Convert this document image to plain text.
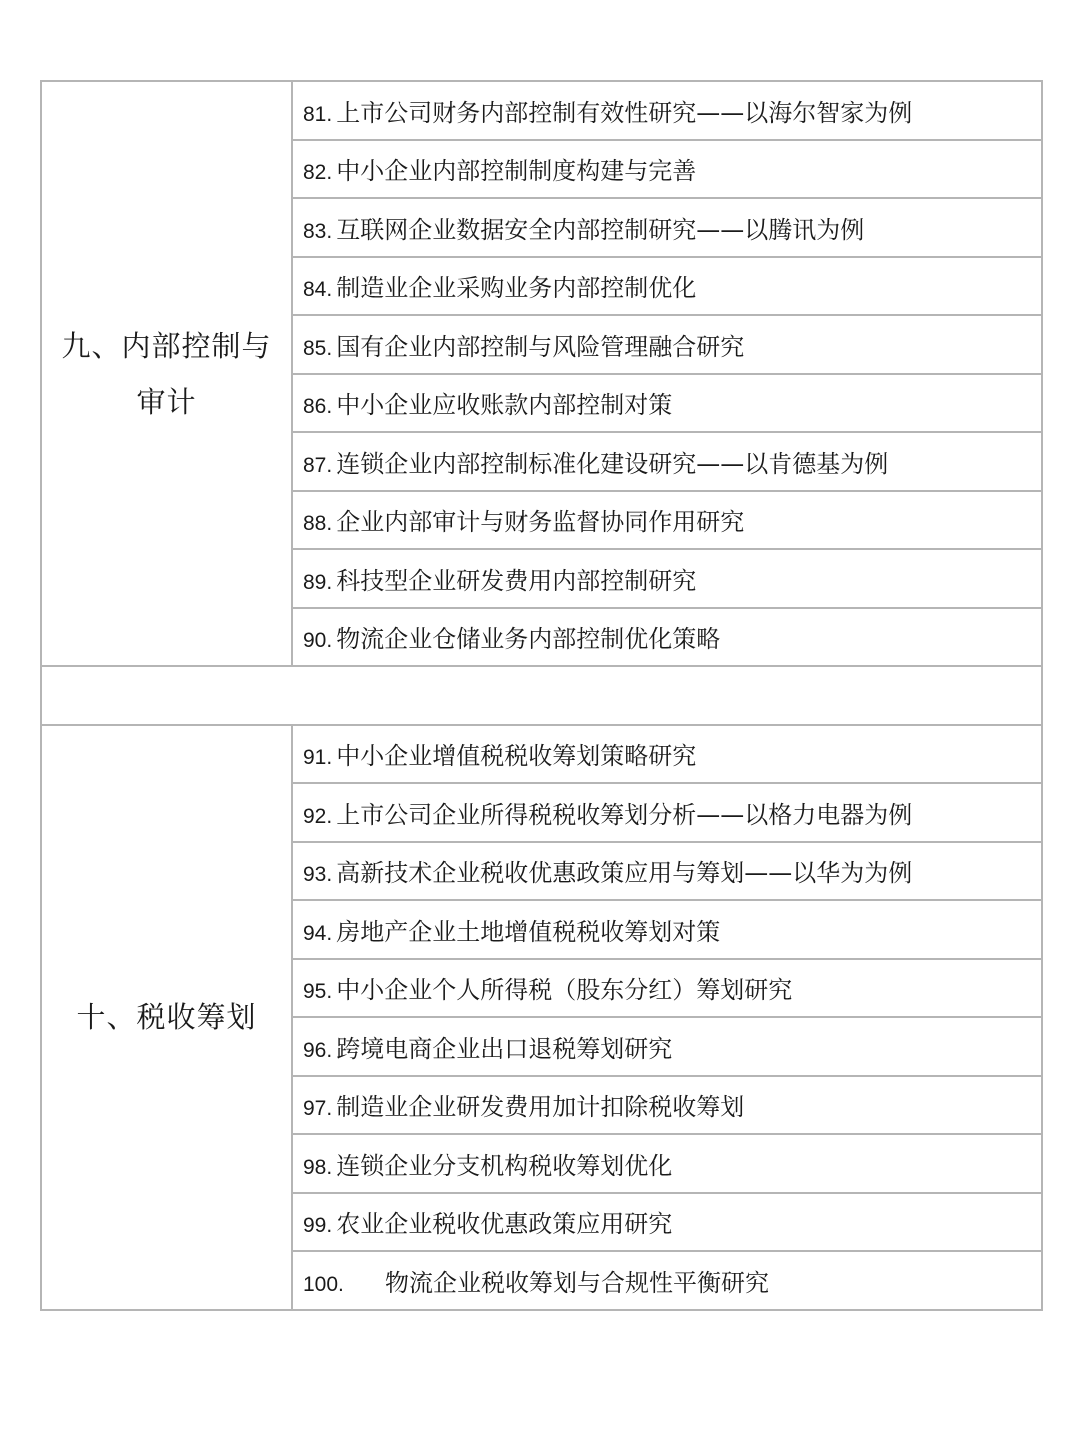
九、内部控制与审计	81. 上市公司财务内部控制有效性研究——以海尔智家为例
	82. 中小企业内部控制制度构建与完善
	83. 互联网企业数据安全内部控制研究——以腾讯为例
	84. 制造业企业采购业务内部控制优化
	85. 国有企业内部控制与风险管理融合研究
	86. 中小企业应收账款内部控制对策
	87. 连锁企业内部控制标准化建设研究——以肯德基为例
	88. 企业内部审计与财务监督协同作用研究
	89. 科技型企业研发费用内部控制研究
	90. 物流企业仓储业务内部控制优化策略

十、税收筹划	91. 中小企业增值税税收筹划策略研究
	92. 上市公司企业所得税税收筹划分析——以格力电器为例
	93. 高新技术企业税收优惠政策应用与筹划——以华为为例
	94. 房地产企业土地增值税税收筹划对策
	95. 中小企业个人所得税（股东分红）筹划研究
	96. 跨境电商企业出口退税筹划研究
	97. 制造业企业研发费用加计扣除税收筹划
	98. 连锁企业分支机构税收筹划优化
	99. 农业企业税收优惠政策应用研究
	100. 物流企业税收筹划与合规性平衡研究
